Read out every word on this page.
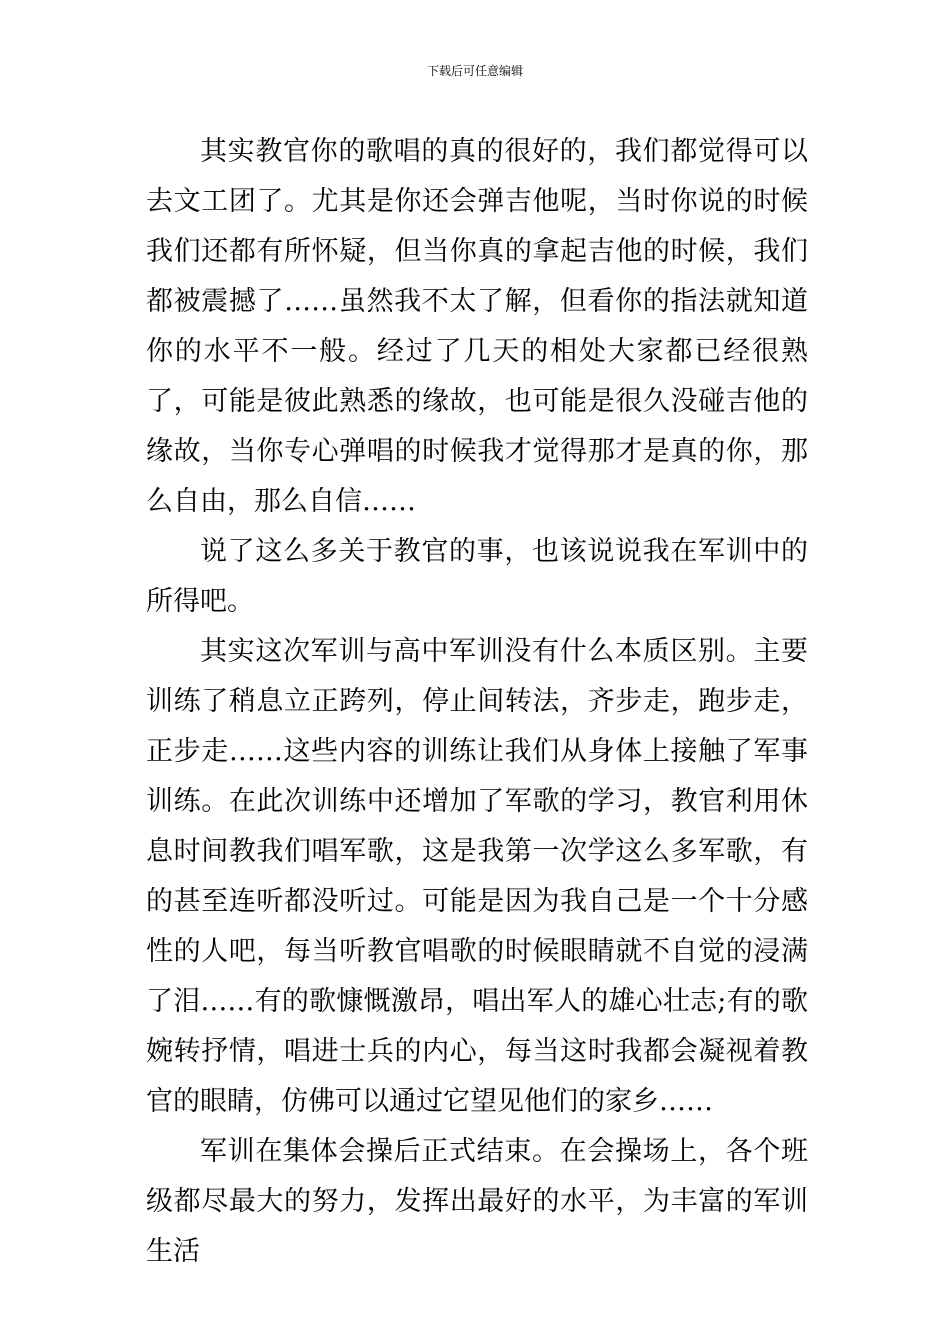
下载后可任意编辑

其实教官你的歌唱的真的很好的，我们都觉得可以去文工团了。尤其是你还会弹吉他呢，当时你说的时候我们还都有所怀疑，但当你真的拿起吉他的时候，我们都被震撼了……虽然我不太了解，但看你的指法就知道你的水平不一般。经过了几天的相处大家都已经很熟了，可能是彼此熟悉的缘故，也可能是很久没碰吉他的缘故，当你专心弹唱的时候我才觉得那才是真的你，那么自由，那么自信……

说了这么多关于教官的事，也该说说我在军训中的所得吧。

其实这次军训与高中军训没有什么本质区别。主要训练了稍息立正跨列，停止间转法，齐步走，跑步走，正步走……这些内容的训练让我们从身体上接触了军事训练。在此次训练中还增加了军歌的学习，教官利用休息时间教我们唱军歌，这是我第一次学这么多军歌，有的甚至连听都没听过。可能是因为我自己是一个十分感性的人吧，每当听教官唱歌的时候眼睛就不自觉的浸满了泪……有的歌慷慨激昂，唱出军人的雄心壮志;有的歌婉转抒情，唱进士兵的内心，每当这时我都会凝视着教官的眼睛，仿佛可以通过它望见他们的家乡……

军训在集体会操后正式结束。在会操场上，各个班级都尽最大的努力，发挥出最好的水平，为丰富的军训生活
